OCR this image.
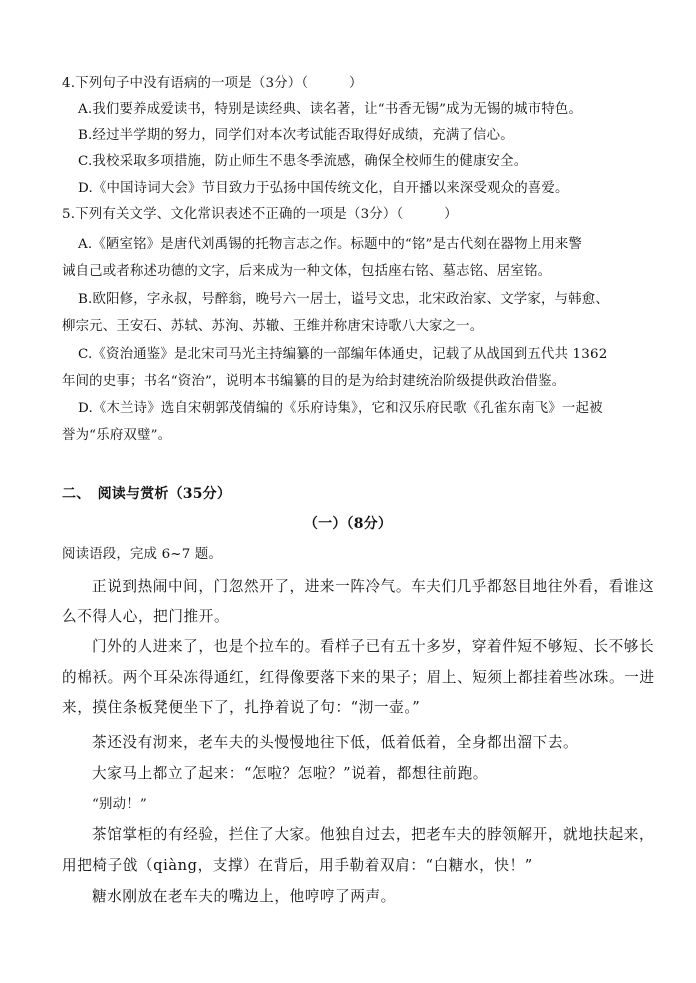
4.下列句子中没有语病的一项是（3分）（　　　）
A.我们要养成爱读书，特别是读经典、读名著，让“书香无锡”成为无锡的城市特色。
B.经过半学期的努力，同学们对本次考试能否取得好成绩，充满了信心。
C.我校采取多项措施，防止师生不患冬季流感，确保全校师生的健康安全。
D.《中国诗词大会》节目致力于弘扬中国传统文化，自开播以来深受观众的喜爱。
5.下列有关文学、文化常识表述不正确的一项是（3分）（　　　）
A.《陋室铭》是唐代刘禹锡的托物言志之作。标题中的“铭”是古代刻在器物上用来警
诫自己或者称述功德的文字，后来成为一种文体，包括座右铭、墓志铭、居室铭。
B.欧阳修，字永叔，号醉翁，晚号六一居士，谥号文忠，北宋政治家、文学家，与韩愈、
柳宗元、王安石、苏轼、苏洵、苏辙、王维并称唐宋诗歌八大家之一。
C.《资治通鉴》是北宋司马光主持编纂的一部编年体通史，记载了从战国到五代共 1362
年间的史事；书名“资治”，说明本书编纂的目的是为给封建统治阶级提供政治借鉴。
D.《木兰诗》选自宋朝郭茂倩编的《乐府诗集》，它和汉乐府民歌《孔雀东南飞》一起被
誉为“乐府双璧”。
二、　阅读与赏析（35分）
（一）（8分）
阅读语段，完成 6~7 题。
正说到热闹中间，门忽然开了，进来一阵冷气。车夫们几乎都怒目地往外看，看谁这
么不得人心，把门推开。
门外的人进来了，也是个拉车的。看样子已有五十多岁，穿着件短不够短、长不够长
的棉袄。两个耳朵冻得通红，红得像要落下来的果子；眉上、短须上都挂着些冰珠。一进
来，摸住条板凳便坐下了，扎挣着说了句：“沏一壶。”
茶还没有沏来，老车夫的头慢慢地往下低，低着低着，全身都出溜下去。
大家马上都立了起来：“怎啦？怎啦？”说着，都想往前跑。
“别动！”
茶馆掌柜的有经验，拦住了大家。他独自过去，把老车夫的脖领解开，就地扶起来，
用把椅子戗（qiàng，支撑）在背后，用手勒着双肩：“白糖水，快！”
糖水刚放在老车夫的嘴边上，他哼哼了两声。
